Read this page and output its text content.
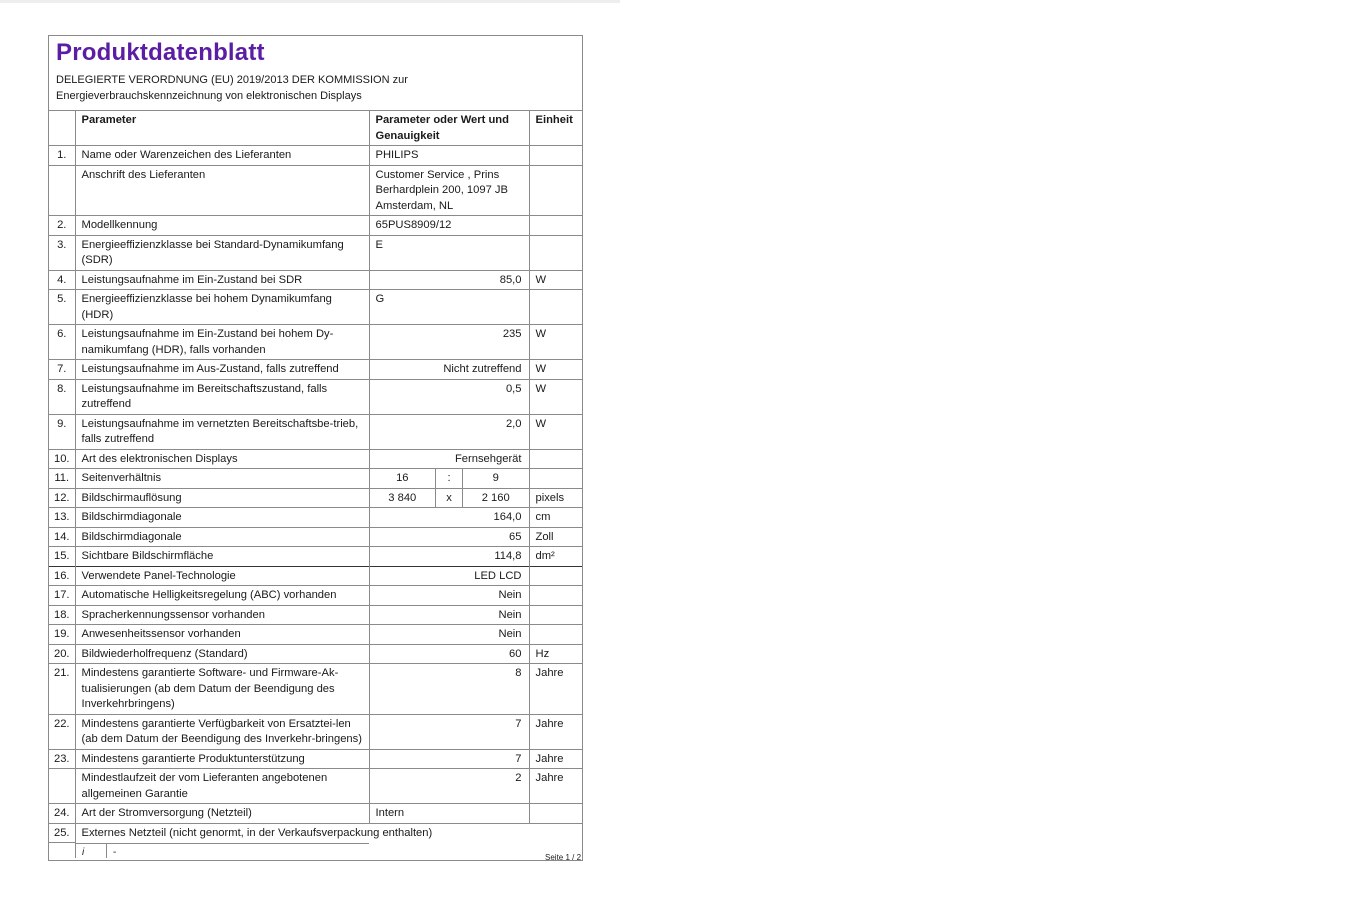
Produktdatenblatt
DELEGIERTE VERORDNUNG (EU) 2019/2013 DER KOMMISSION zur
Energieverbrauchskennzeichnung von elektronischen Displays
	Parameter	Parameter oder Wert und Genauigkeit	Einheit
1.	Name oder Warenzeichen des Lieferanten	PHILIPS	
	Anschrift des Lieferanten	Customer Service , Prins Berhardplein 200, 1097 JB Amsterdam, NL	
2.	Modellkennung	65PUS8909/12	
3.	Energieeffizienzklasse bei Standard-Dynamikumfang (SDR)	E	
4.	Leistungsaufnahme im Ein-Zustand bei SDR	85,0	W
5.	Energieeffizienzklasse bei hohem Dynamikumfang (HDR)	G	
6.	Leistungsaufnahme im Ein-Zustand bei hohem Dy-namikumfang (HDR), falls vorhanden	235	W
7.	Leistungsaufnahme im Aus-Zustand, falls zutreffend	Nicht zutreffend	W
8.	Leistungsaufnahme im Bereitschaftszustand, falls zutreffend	0,5	W
9.	Leistungsaufnahme im vernetzten Bereitschaftsbe-trieb, falls zutreffend	2,0	W
10.	Art des elektronischen Displays	Fernsehgerät	
11.	Seitenverhältnis	16 : 9	

12.	Bildschirmauflösung	3 840 x 2 160	pixels
13.	Bildschirmdiagonale	164,0	cm
14.	Bildschirmdiagonale	65	Zoll
15.	Sichtbare Bildschirmfläche	114,8	dm²
16.	Verwendete Panel-Technologie	LED LCD	
17.	Automatische Helligkeitsregelung (ABC) vorhanden	Nein	
18.	Spracherkennungssensor vorhanden	Nein	
19.	Anwesenheitssensor vorhanden	Nein	
20.	Bildwiederholfrequenz (Standard)	60	Hz
21.	Mindestens garantierte Software- und Firmware-Ak-tualisierungen (ab dem Datum der Beendigung des Inverkehrbringens)	8	Jahre
22.	Mindestens garantierte Verfügbarkeit von Ersatztei-len (ab dem Datum der Beendigung des Inverkehr-bringens)	7	Jahre
23.	Mindestens garantierte Produktunterstützung	7	Jahre
	Mindestlaufzeit der vom Lieferanten angebotenen allgemeinen Garantie	2	Jahre
24.	Art der Stromversorgung (Netzteil)	Intern	
25.	Externes Netzteil (nicht genormt, in der Verkaufsverpackung enthalten)		

i	-	Seite 1 / 2
